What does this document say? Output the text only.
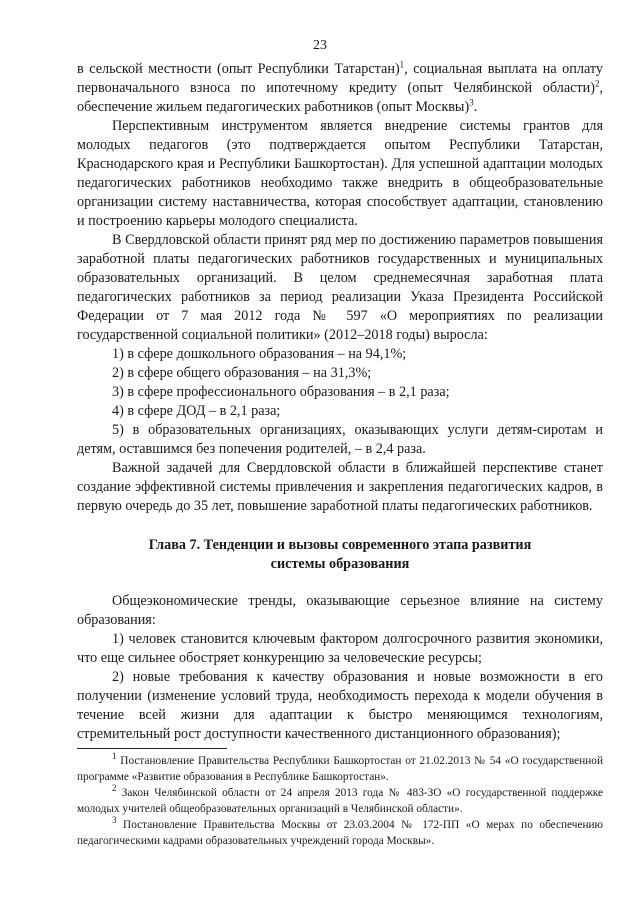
23

в сельской местности (опыт Республики Татарстан)$^1$, социальная выплата на оплату первоначального взноса по ипотечному кредиту (опыт Челябинской области)$^2$, обеспечение жильем педагогических работников (опыт Москвы)$^3$.

Перспективным инструментом является внедрение системы грантов для молодых педагогов (это подтверждается опытом Республики Татарстан, Краснодарского края и Республики Башкортостан). Для успешной адаптации молодых педагогических работников необходимо также внедрить в общеобразовательные организации систему наставничества, которая способствует адаптации, становлению и построению карьеры молодого специалиста.

В Свердловской области принят ряд мер по достижению параметров повышения заработной платы педагогических работников государственных и муниципальных образовательных организаций. В целом среднемесячная заработная плата педагогических работников за период реализации Указа Президента Российской Федерации от 7 мая 2012 года № 597 «О мероприятиях по реализации государственной социальной политики» (2012–2018 годы) выросла:

1) в сфере дошкольного образования – на 94,1%;

2) в сфере общего образования – на 31,3%;

3) в сфере профессионального образования – в 2,1 раза;

4) в сфере ДОД – в 2,1 раза;

5) в образовательных организациях, оказывающих услуги детям-сиротам и детям, оставшимся без попечения родителей, – в 2,4 раза.

Важной задачей для Свердловской области в ближайшей перспективе станет создание эффективной системы привлечения и закрепления педагогических кадров, в первую очередь до 35 лет, повышение заработной платы педагогических работников.

Глава 7. Тенденции и вызовы современного этапа развития
системы образования

Общеэкономические тренды, оказывающие серьезное влияние на систему образования:

1) человек становится ключевым фактором долгосрочного развития экономики, что еще сильнее обостряет конкуренцию за человеческие ресурсы;

2) новые требования к качеству образования и новые возможности в его получении (изменение условий труда, необходимость перехода к модели обучения в течение всей жизни для адаптации к быстро меняющимся технологиям, стремительный рост доступности качественного дистанционного образования);

$^1$ Постановление Правительства Республики Башкортостан от 21.02.2013 № 54 «О государственной программе «Развитие образования в Республике Башкортостан».

$^2$ Закон Челябинской области от 24 апреля 2013 года № 483-ЗО «О государственной поддержке молодых учителей общеобразовательных организаций в Челябинской области».

$^3$ Постановление Правительства Москвы от 23.03.2004 № 172-ПП «О мерах по обеспечению педагогическими кадрами образовательных учреждений города Москвы».
